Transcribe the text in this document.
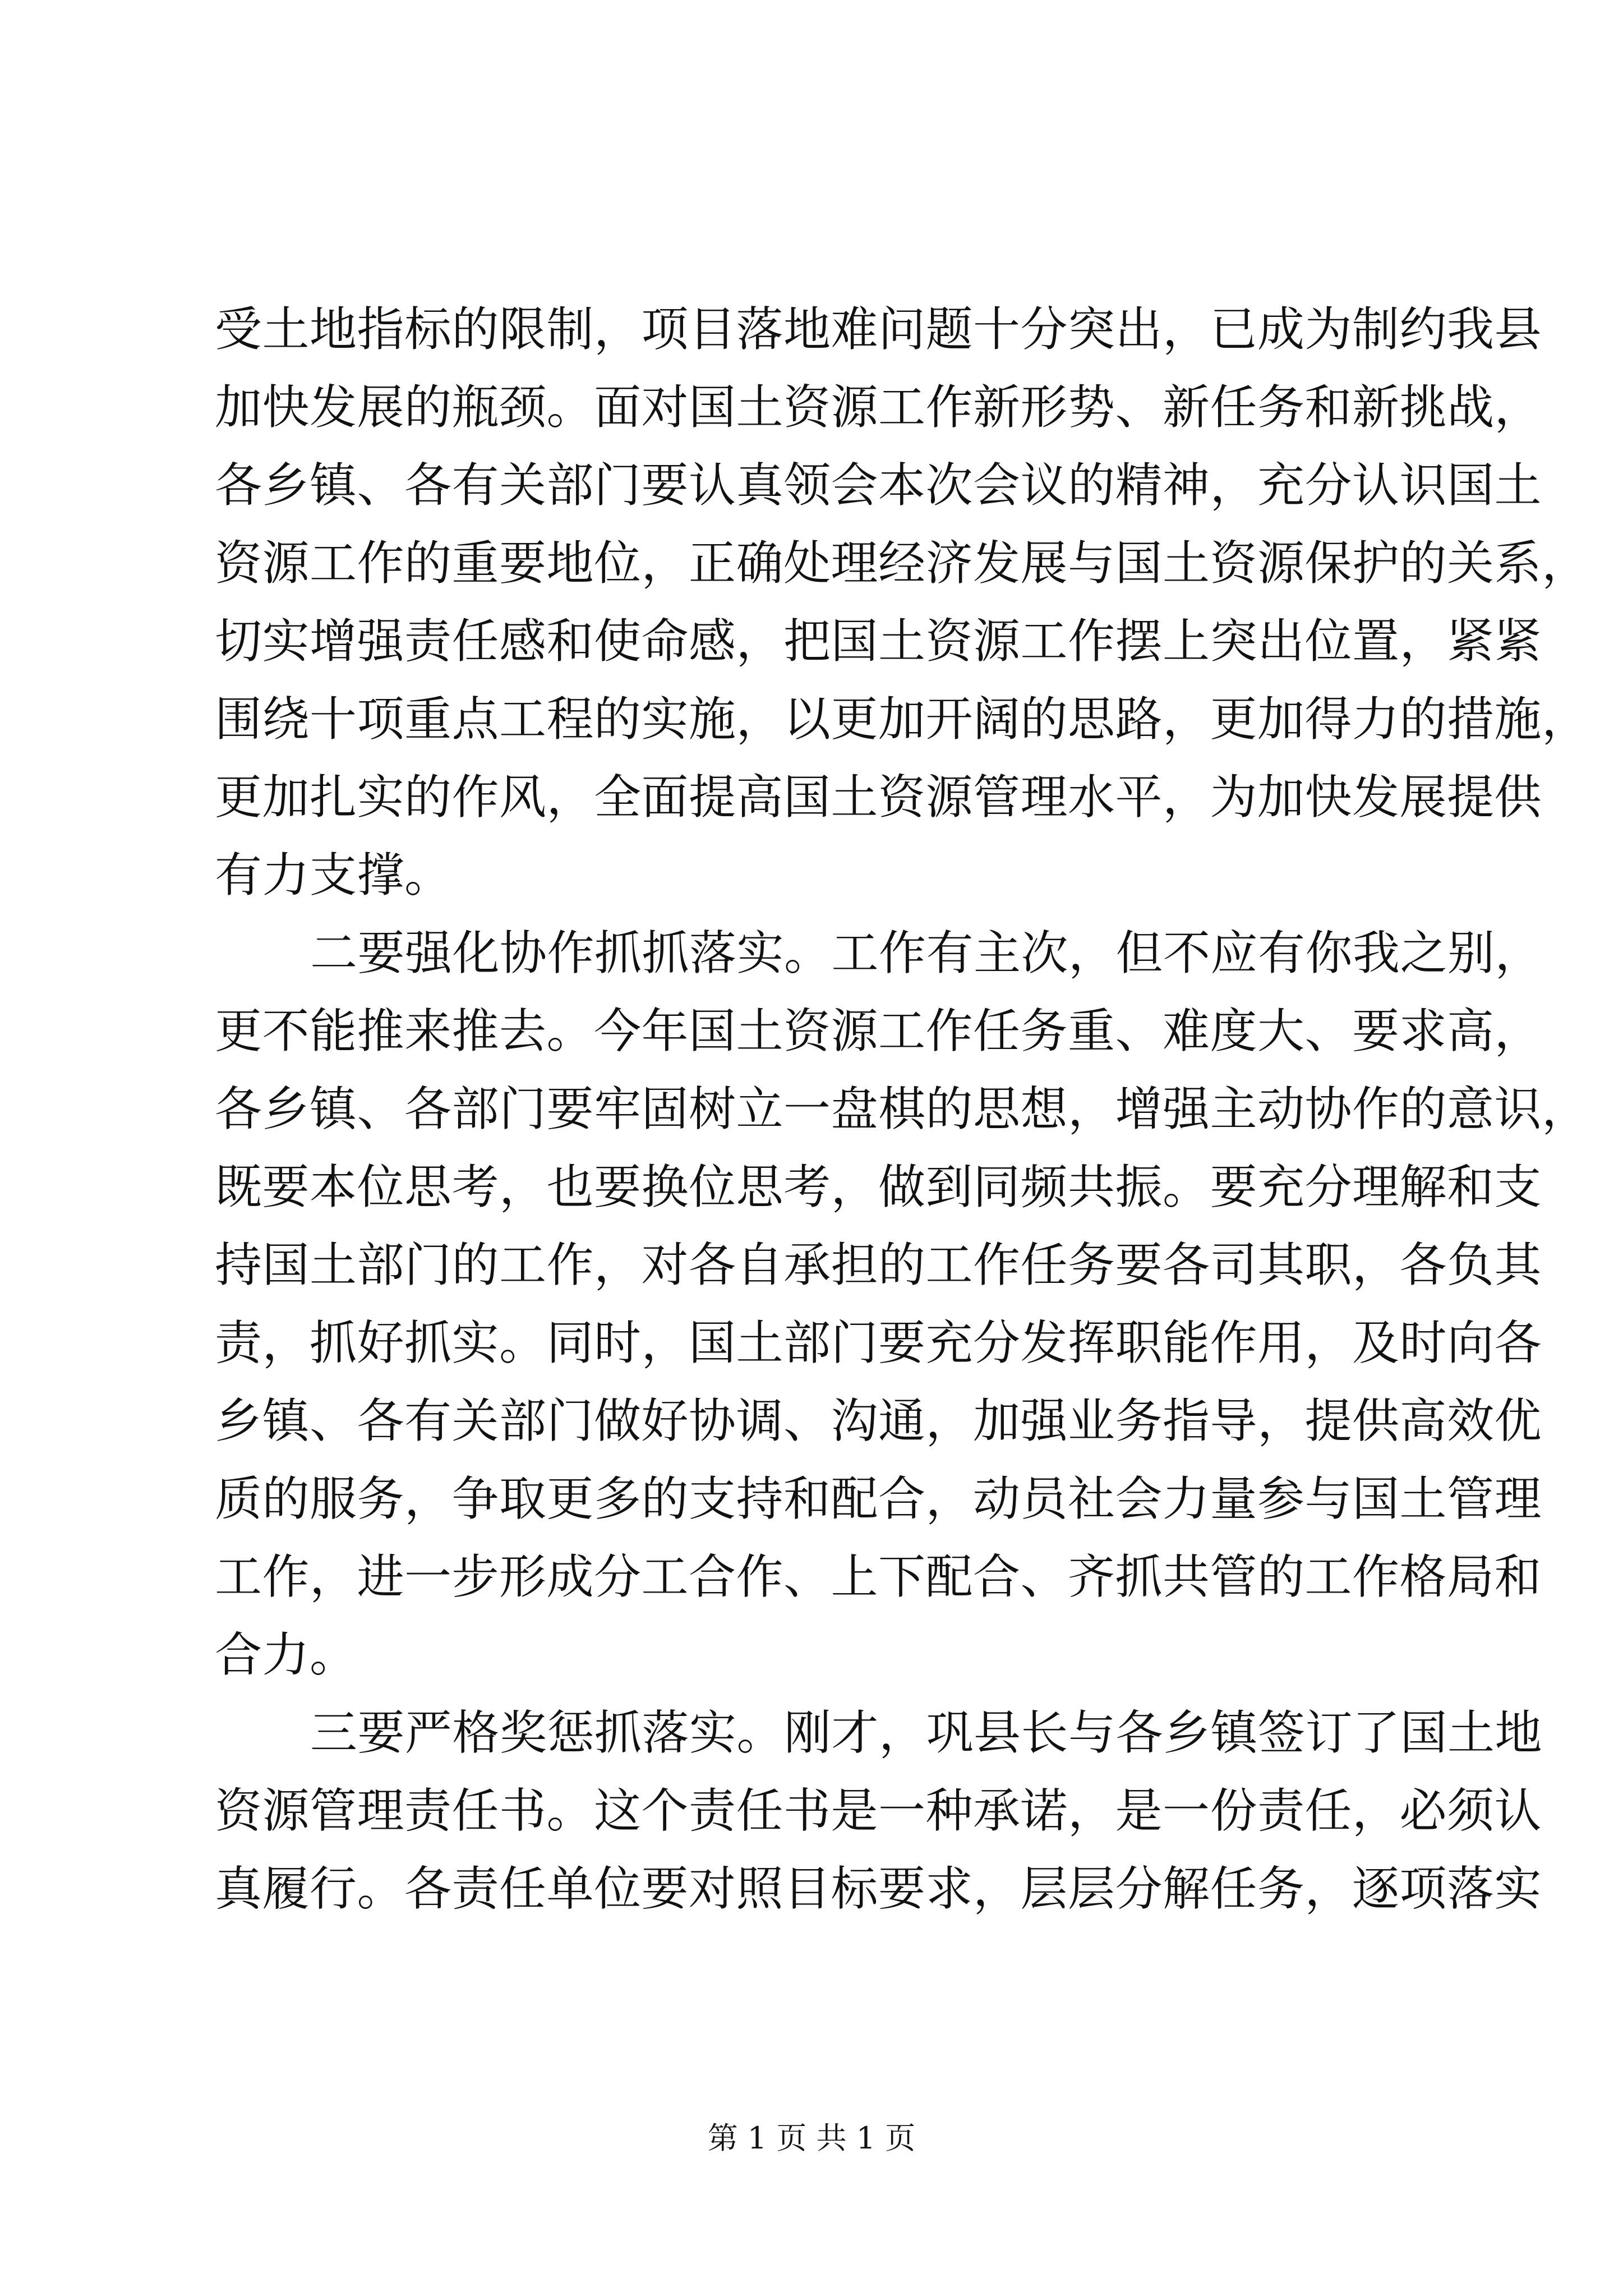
受土地指标的限制，项目落地难问题十分突出，已成为制约我县
加快发展的瓶颈。面对国土资源工作新形势、新任务和新挑战，
各乡镇、各有关部门要认真领会本次会议的精神，充分认识国土
资源工作的重要地位，正确处理经济发展与国土资源保护的关系，
切实增强责任感和使命感，把国土资源工作摆上突出位置，紧紧
围绕十项重点工程的实施，以更加开阔的思路，更加得力的措施，
更加扎实的作风，全面提高国土资源管理水平，为加快发展提供
有力支撑。
二要强化协作抓抓落实。工作有主次，但不应有你我之别，
更不能推来推去。今年国土资源工作任务重、难度大、要求高，
各乡镇、各部门要牢固树立一盘棋的思想，增强主动协作的意识，
既要本位思考，也要换位思考，做到同频共振。要充分理解和支
持国土部门的工作，对各自承担的工作任务要各司其职，各负其
责，抓好抓实。同时，国土部门要充分发挥职能作用，及时向各
乡镇、各有关部门做好协调、沟通，加强业务指导，提供高效优
质的服务，争取更多的支持和配合，动员社会力量参与国土管理
工作，进一步形成分工合作、上下配合、齐抓共管的工作格局和
合力。
三要严格奖惩抓落实。刚才，巩县长与各乡镇签订了国土地
资源管理责任书。这个责任书是一种承诺，是一份责任，必须认
真履行。各责任单位要对照目标要求，层层分解任务，逐项落实
第 1 页 共 1 页
